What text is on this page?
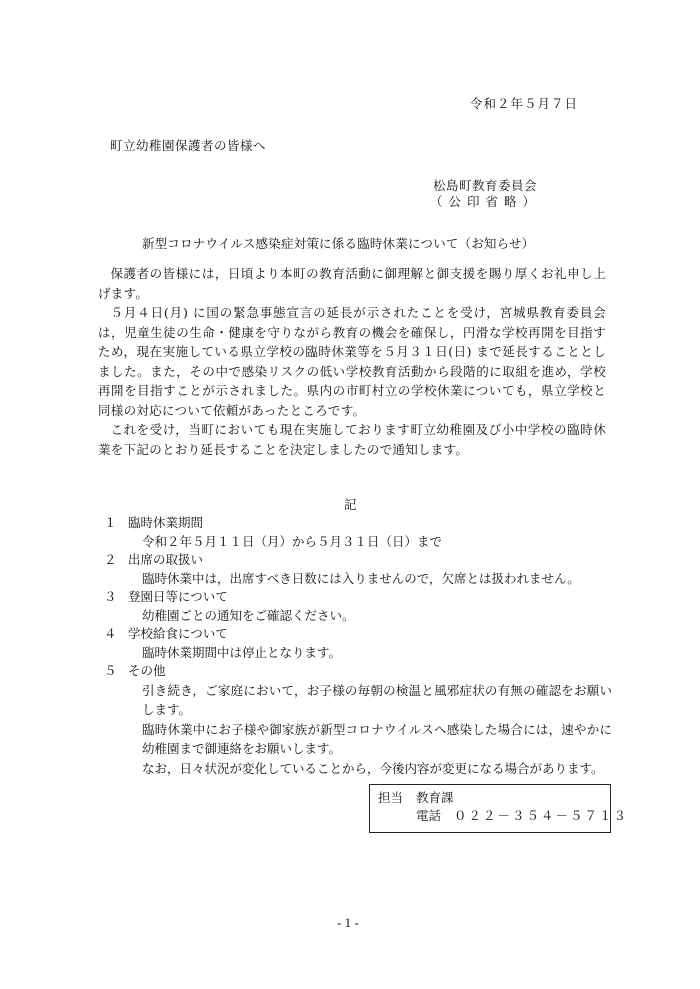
令和２年５月７日
町立幼稚園保護者の皆様へ
松島町教育委員会
（公印省略）
新型コロナウイルス感染症対策に係る臨時休業について（お知らせ）

保護者の皆様には，日頃より本町の教育活動に御理解と御支援を賜り厚くお礼申し上げます。

５月４日(月) に国の緊急事態宣言の延長が示されたことを受け，宮城県教育委員会は，児童生徒の生命・健康を守りながら教育の機会を確保し，円滑な学校再開を目指すため，現在実施している県立学校の臨時休業等を５月３１日(日) まで延長することとしました。また，その中で感染リスクの低い学校教育活動から段階的に取組を進め，学校再開を目指すことが示されました。県内の市町村立の学校休業についても，県立学校と同様の対応について依頼があったところです。

これを受け，当町においても現在実施しております町立幼稚園及び小中学校の臨時休業を下記のとおり延長することを決定しましたので通知します。

記
１ 臨時休業期間
令和２年５月１１日（月）から５月３１日（日）まで
２ 出席の取扱い
臨時休業中は，出席すべき日数には入りませんので，欠席とは扱われません。
３ 登園日等について
幼稚園ごとの通知をご確認ください。
４ 学校給食について
臨時休業期間中は停止となります。
５ その他
引き続き，ご家庭において，お子様の毎朝の検温と風邪症状の有無の確認をお願いします。
臨時休業中にお子様や御家族が新型コロナウイルスへ感染した場合には，速やかに幼稚園まで御連絡をお願いします。
なお，日々状況が変化していることから，今後内容が変更になる場合があります。
担当 教育課
電話 ０２２－３５４－５７１３
- 1 -
